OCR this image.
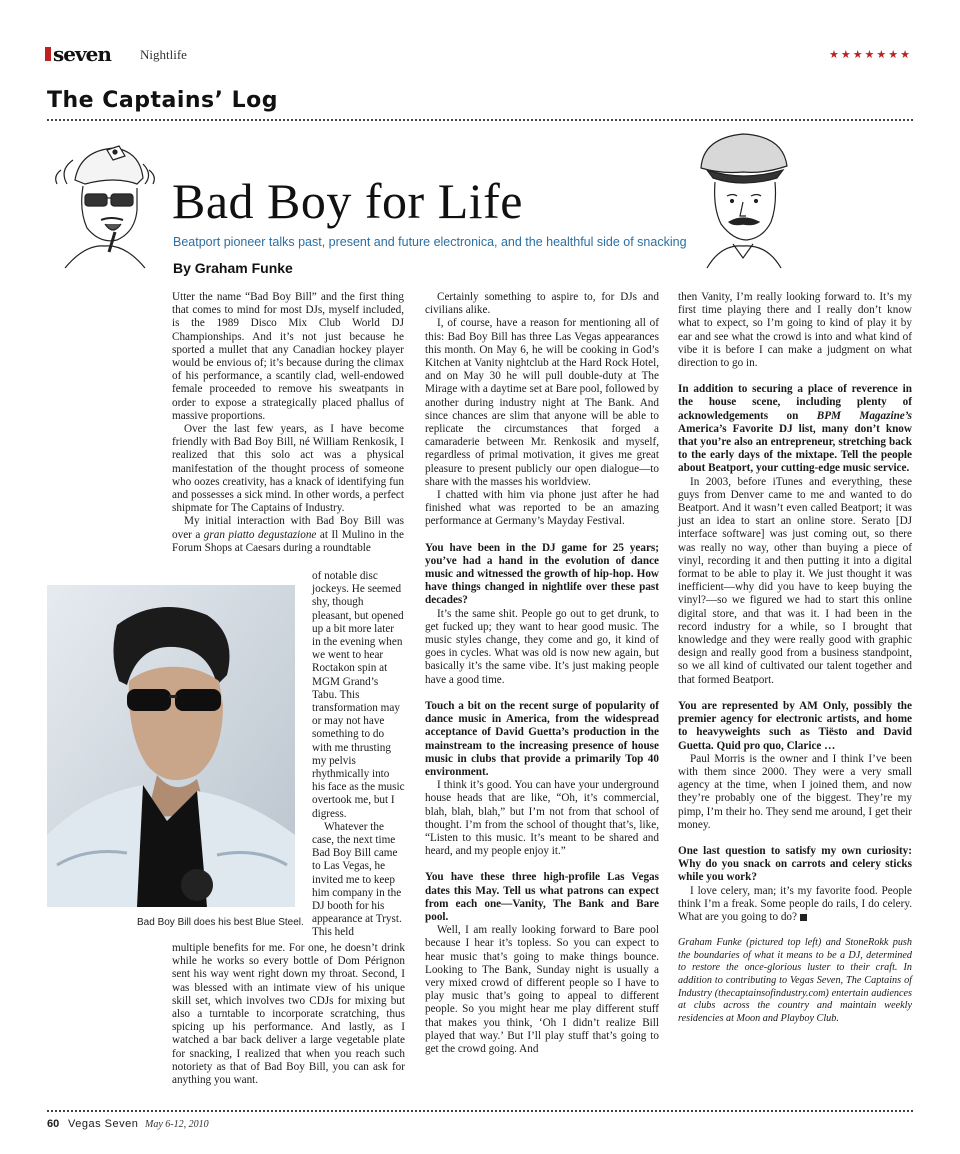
seven Nightlife	★★★★★★★
The Captains’ Log
Bad Boy for Life
Beatport pioneer talks past, present and future electronica, and the healthful side of snacking
By Graham Funke

Utter the name “Bad Boy Bill” and the first thing that comes to mind for most DJs, myself included, is the 1989 Disco Mix Club World DJ Championships. And it’s not just because he sported a mullet that any Canadian hockey player would be envious of; it’s because during the climax of his performance, a scantily clad, well-endowed female proceeded to remove his sweatpants in order to expose a strategically placed phallus of massive proportions.

Over the last few years, as I have become friendly with Bad Boy Bill, né William Renkosik, I realized that this solo act was a physical manifestation of the thought process of someone who oozes creativity, has a knack of identifying fun and possesses a sick mind. In other words, a perfect shipmate for The Captains of Industry.

My initial interaction with Bad Boy Bill was over a gran piatto degustazione at Il Mulino in the Forum Shops at Caesars during a roundtable

Bad Boy Bill does his best Blue Steel.

of notable disc jockeys. He seemed shy, though pleasant, but opened up a bit more later in the evening when we went to hear Roctakon spin at MGM Grand’s Tabu. This transformation may or may not have something to do with me thrusting my pelvis rhythmically into his face as the music overtook me, but I digress.

Whatever the case, the next time Bad Boy Bill came to Las Vegas, he invited me to keep him company in the DJ booth for his appearance at Tryst. This held

multiple benefits for me. For one, he doesn’t drink while he works so every bottle of Dom Pérignon sent his way went right down my throat. Second, I was blessed with an intimate view of his unique skill set, which involves two CDJs for mixing but also a turntable to incorporate scratching, thus spicing up his performance. And lastly, as I watched a bar back deliver a large vegetable plate for snacking, I realized that when you reach such notoriety as that of Bad Boy Bill, you can ask for anything you want.

Certainly something to aspire to, for DJs and civilians alike.

I, of course, have a reason for mentioning all of this: Bad Boy Bill has three Las Vegas appearances this month. On May 6, he will be cooking in God’s Kitchen at Vanity nightclub at the Hard Rock Hotel, and on May 30 he will pull double-duty at The Mirage with a daytime set at Bare pool, followed by another during industry night at The Bank. And since chances are slim that anyone will be able to replicate the circumstances that forged a camaraderie between Mr. Renkosik and myself, regardless of primal motivation, it gives me great pleasure to present publicly our open dialogue—to share with the masses his worldview.

I chatted with him via phone just after he had finished what was reported to be an amazing performance at Germany’s Mayday Festival.

You have been in the DJ game for 25 years; you’ve had a hand in the evolution of dance music and witnessed the growth of hip-hop. How have things changed in nightlife over these past decades?

It’s the same shit. People go out to get drunk, to get fucked up; they want to hear good music. The music styles change, they come and go, it kind of goes in cycles. What was old is now new again, but basically it’s the same vibe. It’s just making people have a good time.

Touch a bit on the recent surge of popularity of dance music in America, from the widespread acceptance of David Guetta’s production in the mainstream to the increasing presence of house music in clubs that provide a primarily Top 40 environment.

I think it’s good. You can have your underground house heads that are like, “Oh, it’s commercial, blah, blah, blah,” but I’m not from that school of thought. I’m from the school of thought that’s, like, “Listen to this music. It’s meant to be shared and heard, and my people enjoy it.”

You have these three high-profile Las Vegas dates this May. Tell us what patrons can expect from each one—Vanity, The Bank and Bare pool.

Well, I am really looking forward to Bare pool because I hear it’s topless. So you can expect to hear music that’s going to make things bounce. Looking to The Bank, Sunday night is usually a very mixed crowd of different people so I have to play music that’s going to appeal to different people. So you might hear me play different stuff that makes you think, ‘Oh I didn’t realize Bill played that way.’ But I’ll play stuff that’s going to get the crowd going. And

then Vanity, I’m really looking forward to. It’s my first time playing there and I really don’t know what to expect, so I’m going to kind of play it by ear and see what the crowd is into and what kind of vibe it is before I can make a judgment on what direction to go in.

In addition to securing a place of reverence in the house scene, including plenty of acknowledgements on BPM Magazine’s America’s Favorite DJ list, many don’t know that you’re also an entrepreneur, stretching back to the early days of the mixtape. Tell the people about Beatport, your cutting-edge music service.

In 2003, before iTunes and everything, these guys from Denver came to me and wanted to do Beatport. And it wasn’t even called Beatport; it was just an idea to start an online store. Serato [DJ interface software] was just coming out, so there was really no way, other than buying a piece of vinyl, recording it and then putting it into a digital format to be able to play it. We just thought it was inefficient—why did you have to keep buying the vinyl?—so we figured we had to start this online digital store, and that was it. I had been in the record industry for a while, so I brought that knowledge and they were really good with graphic design and really good from a business standpoint, so we all kind of cultivated our talent together and that formed Beatport.

You are represented by AM Only, possibly the premier agency for electronic artists, and home to heavyweights such as Tiësto and David Guetta. Quid pro quo, Clarice …

Paul Morris is the owner and I think I’ve been with them since 2000. They were a very small agency at the time, when I joined them, and now they’re probably one of the biggest. They’re my pimp, I’m their ho. They send me around, I get their money.

One last question to satisfy my own curiosity: Why do you snack on carrots and celery sticks while you work?

I love celery, man; it’s my favorite food. People think I’m a freak. Some people do rails, I do celery. What are you going to do?

Graham Funke (pictured top left) and StoneRokk push the boundaries of what it means to be a DJ, determined to restore the once-glorious luster to their craft. In addition to contributing to Vegas Seven, The Captains of Industry (thecaptainsofindustry.com) entertain audiences at clubs across the country and maintain weekly residencies at Moon and Playboy Club.

60 Vegas Seven May 6-12, 2010
